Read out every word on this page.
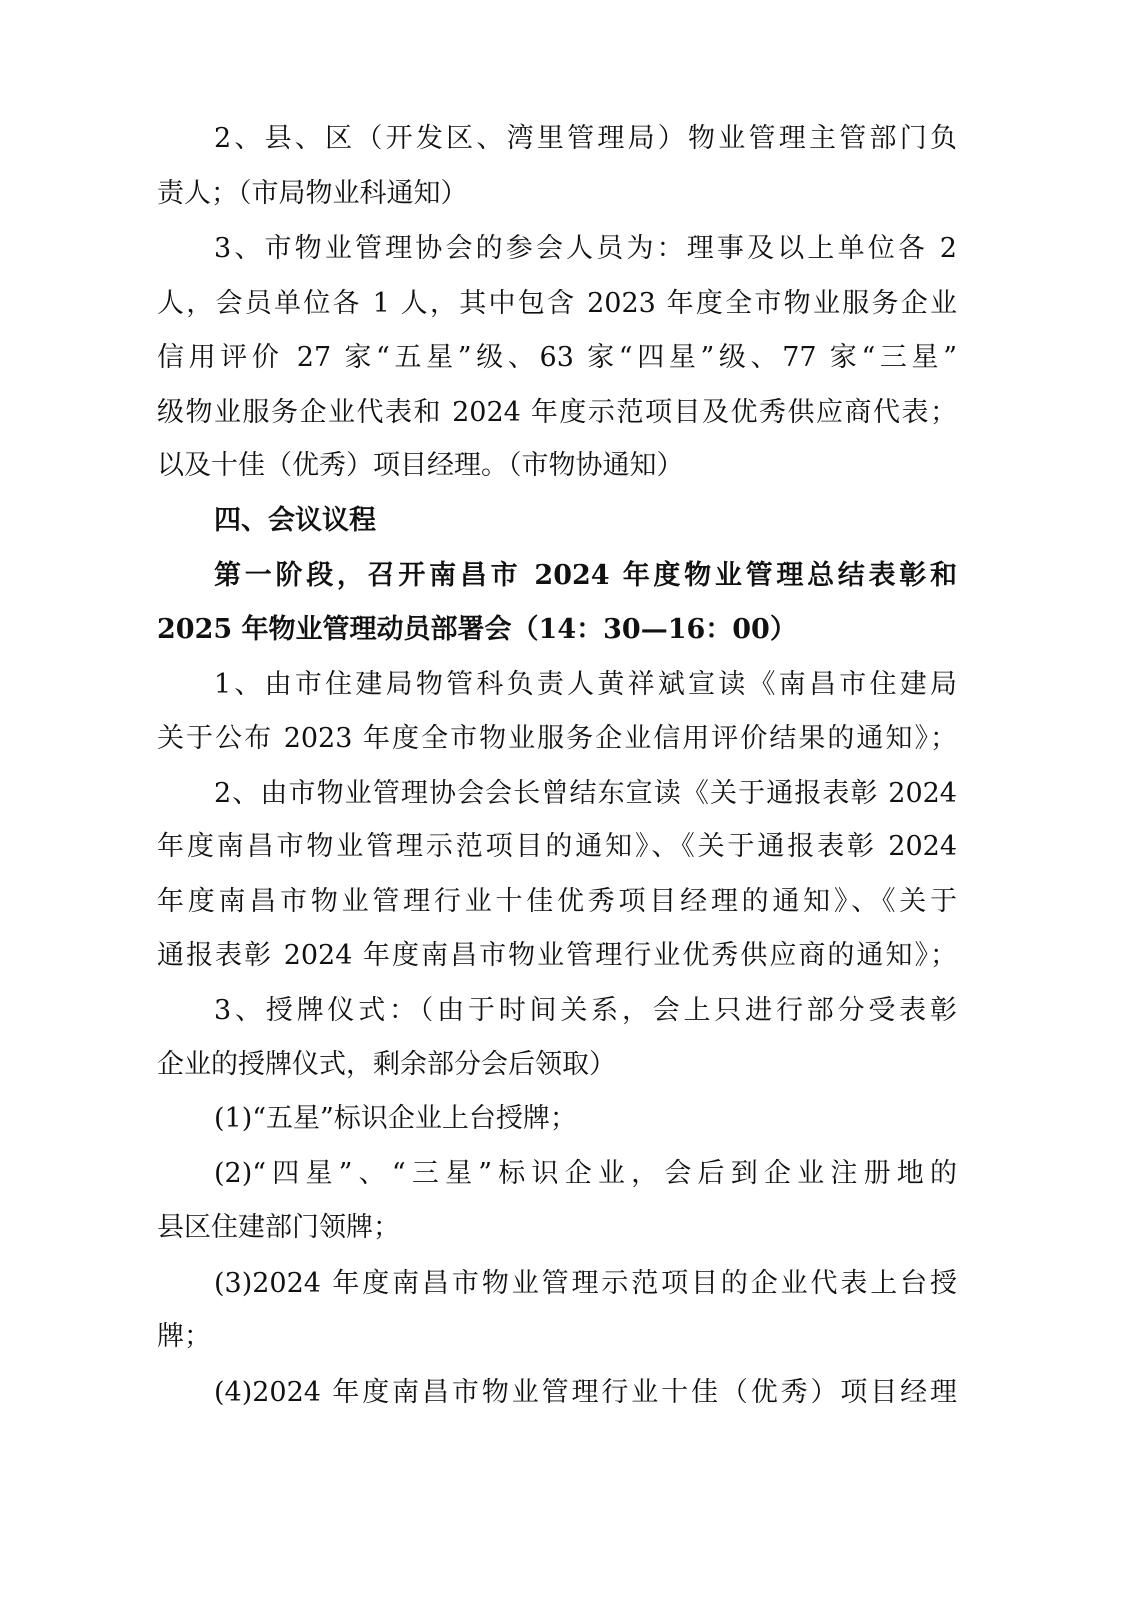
2、县、区（开发区、湾里管理局）物业管理主管部门负
责人；（市局物业科通知）
3、市物业管理协会的参会人员为：理事及以上单位各 2
人，会员单位各 1 人，其中包含 2023 年度全市物业服务企业
信用评价 27 家“五星”级、63 家“四星”级、77 家“三星”
级物业服务企业代表和 2024 年度示范项目及优秀供应商代表；
以及十佳（优秀）项目经理。（市物协通知）
四、会议议程
第一阶段，召开南昌市 2024 年度物业管理总结表彰和
2025 年物业管理动员部署会（14：30—16：00）
1、由市住建局物管科负责人黄祥斌宣读《南昌市住建局
关于公布 2023 年度全市物业服务企业信用评价结果的通知》；
2、由市物业管理协会会长曾结东宣读《关于通报表彰 2024
年度南昌市物业管理示范项目的通知》、《关于通报表彰 2024
年度南昌市物业管理行业十佳优秀项目经理的通知》、《关于
通报表彰 2024 年度南昌市物业管理行业优秀供应商的通知》；
3、授牌仪式：（由于时间关系，会上只进行部分受表彰
企业的授牌仪式，剩余部分会后领取）
(1)“五星”标识企业上台授牌；
(2)“四星”、“三星”标识企业，会后到企业注册地的
县区住建部门领牌；
(3)2024 年度南昌市物业管理示范项目的企业代表上台授
牌；
(4)2024 年度南昌市物业管理行业十佳（优秀）项目经理
